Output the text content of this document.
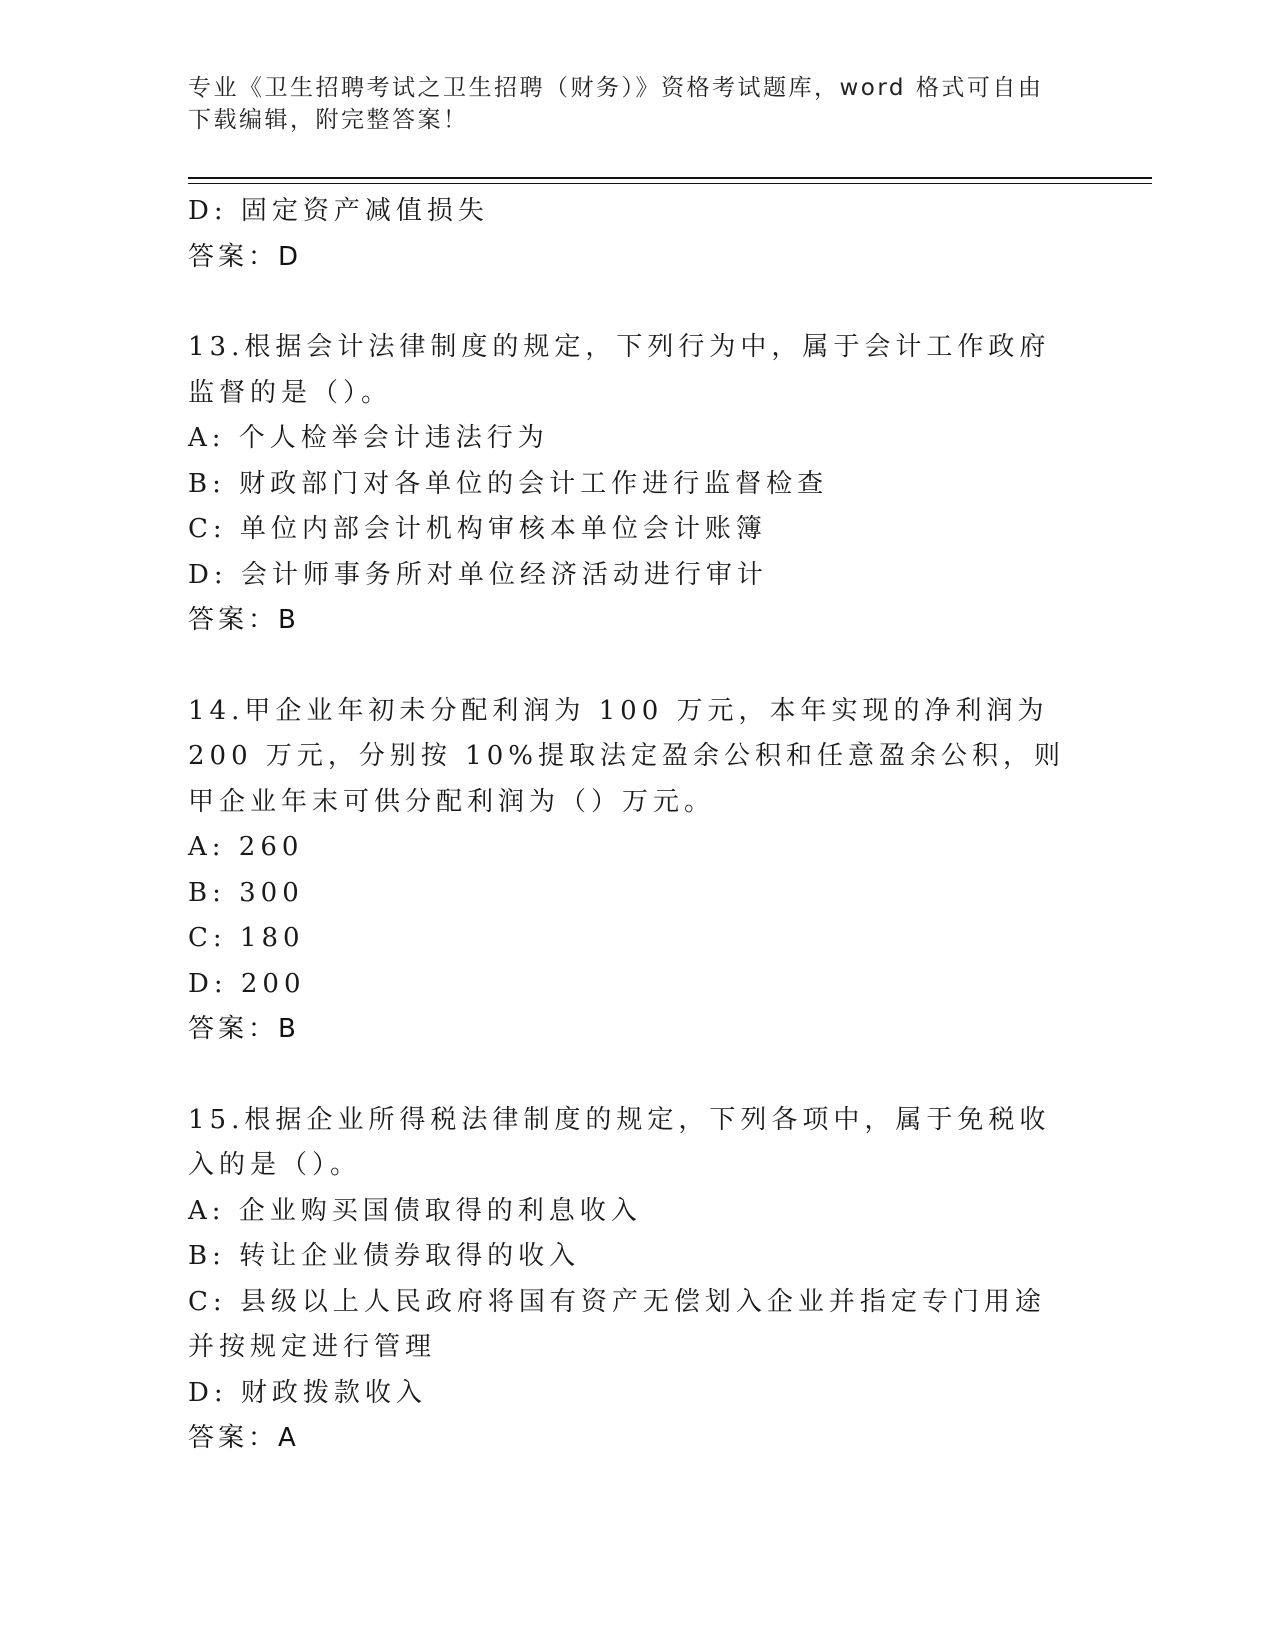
专业《卫生招聘考试之卫生招聘（财务）》资格考试题库，word 格式可自由下载编辑，附完整答案！
D: 固定资产减值损失
答案：D
13.根据会计法律制度的规定，下列行为中，属于会计工作政府监督的是（）。
A: 个人检举会计违法行为
B: 财政部门对各单位的会计工作进行监督检查
C: 单位内部会计机构审核本单位会计账簿
D: 会计师事务所对单位经济活动进行审计
答案：B
14.甲企业年初未分配利润为 100 万元，本年实现的净利润为 200 万元，分别按 10%提取法定盈余公积和任意盈余公积，则甲企业年末可供分配利润为（）万元。
A: 260
B: 300
C: 180
D: 200
答案：B
15.根据企业所得税法律制度的规定，下列各项中，属于免税收入的是（）。
A: 企业购买国债取得的利息收入
B: 转让企业债券取得的收入
C: 县级以上人民政府将国有资产无偿划入企业并指定专门用途并按规定进行管理
D: 财政拨款收入
答案：A
